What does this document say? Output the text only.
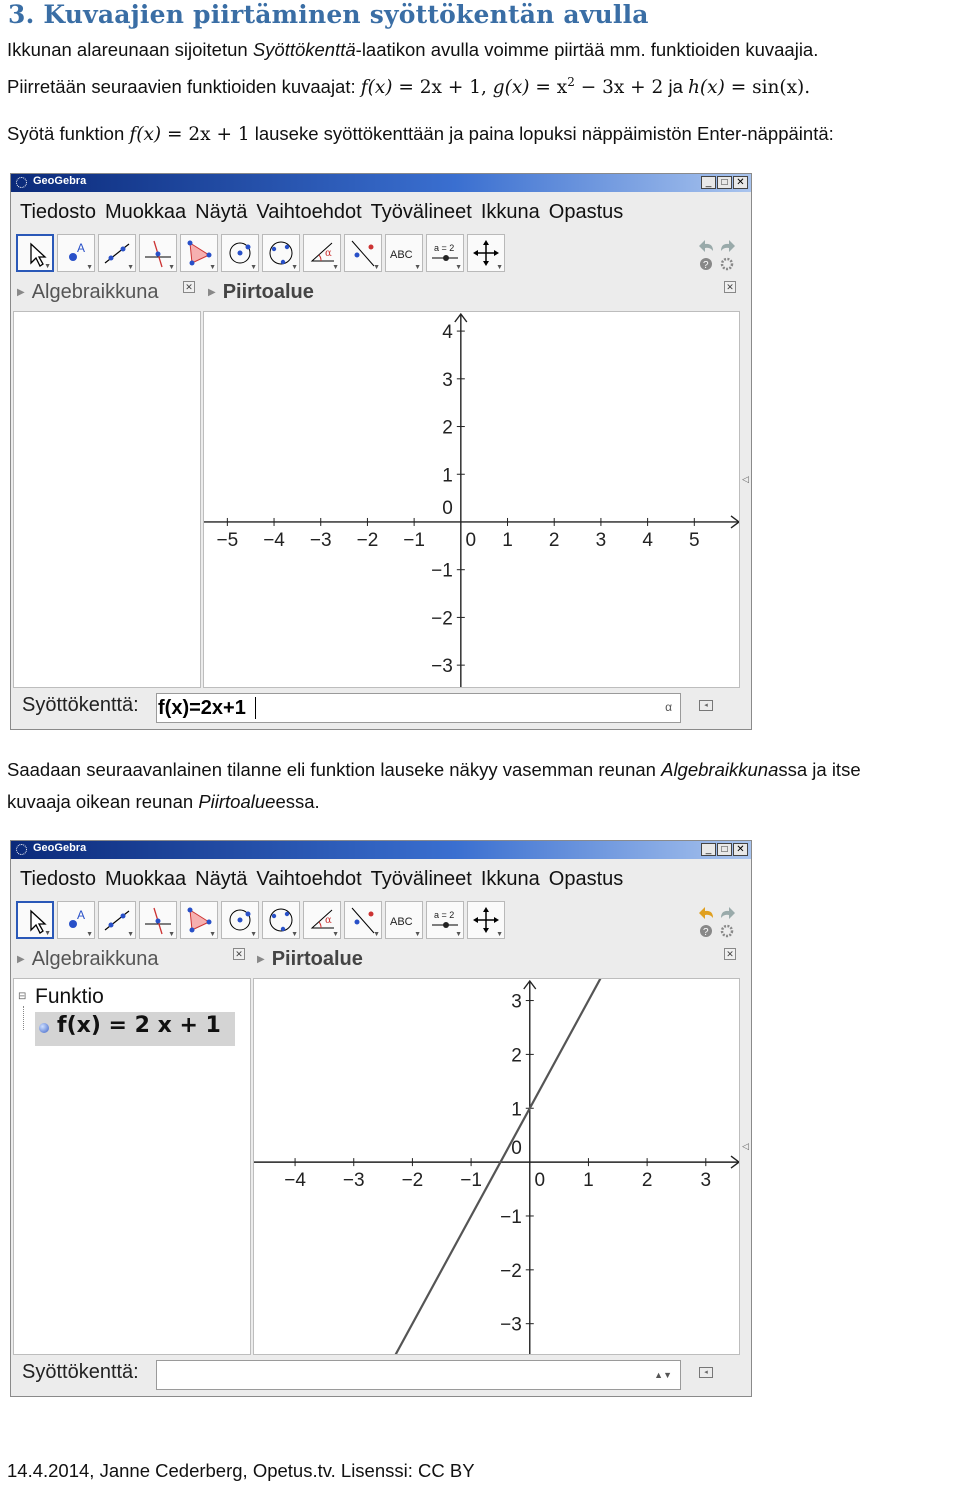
3. Kuvaajien piirtäminen syöttökentän avulla
Ikkunan alareunaan sijoitetun Syöttökenttä-laatikon avulla voimme piirtää mm. funktioiden kuvaajia.
Piirretään seuraavien funktioiden kuvaajat: f(x) = 2x + 1, $g(x) = x^2 - 3x + 2$ ja h(x) = sin(x).
Syötä funktion f(x) = 2x + 1 lauseke syöttökenttään ja paina lopuksi näppäimistön Enter-näppäintä:
GeoGebra	_	□ ✕
Tiedosto Muokkaa Näytä Vaihtoehdot Työvälineet Ikkuna Opastus
▼
A
▼	▼	▼	▼	▼	▼
α
▼	▼
ABC
▼
a = 2
▼	▼	?
▶ Algebraikkuna	✕
▶ Piirtoalue	✕
−5 −4 −3 −2 −1 0 1 2 3 4 5
4
3
2
1
−1
−2
−3
0
◁
Syöttökenttä: f(x)=2x+1	α	◂
Saadaan seuraavanlainen tilanne eli funktion lauseke näkyy vasemman reunan Algebraikkunassa ja itse
kuvaaja oikean reunan Piirtoalueessa.
GeoGebra	_	□ ✕
Tiedosto Muokkaa Näytä Vaihtoehdot Työvälineet Ikkuna Opastus
▼
A
▼	▼	▼	▼	▼	▼
α
▼	▼
ABC
▼
a = 2
▼	▼	?
▶ Algebraikkuna	✕
▶ Piirtoalue	✕
⊟ Funktio
f(x) = 2 x + 1
−4 −3 −2 −1	0 1	2	3
3
2
1
−1
−2
−3
0	◁
Syöttökenttä:	▲▼	◂
14.4.2014, Janne Cederberg, Opetus.tv. Lisenssi: CC BY
